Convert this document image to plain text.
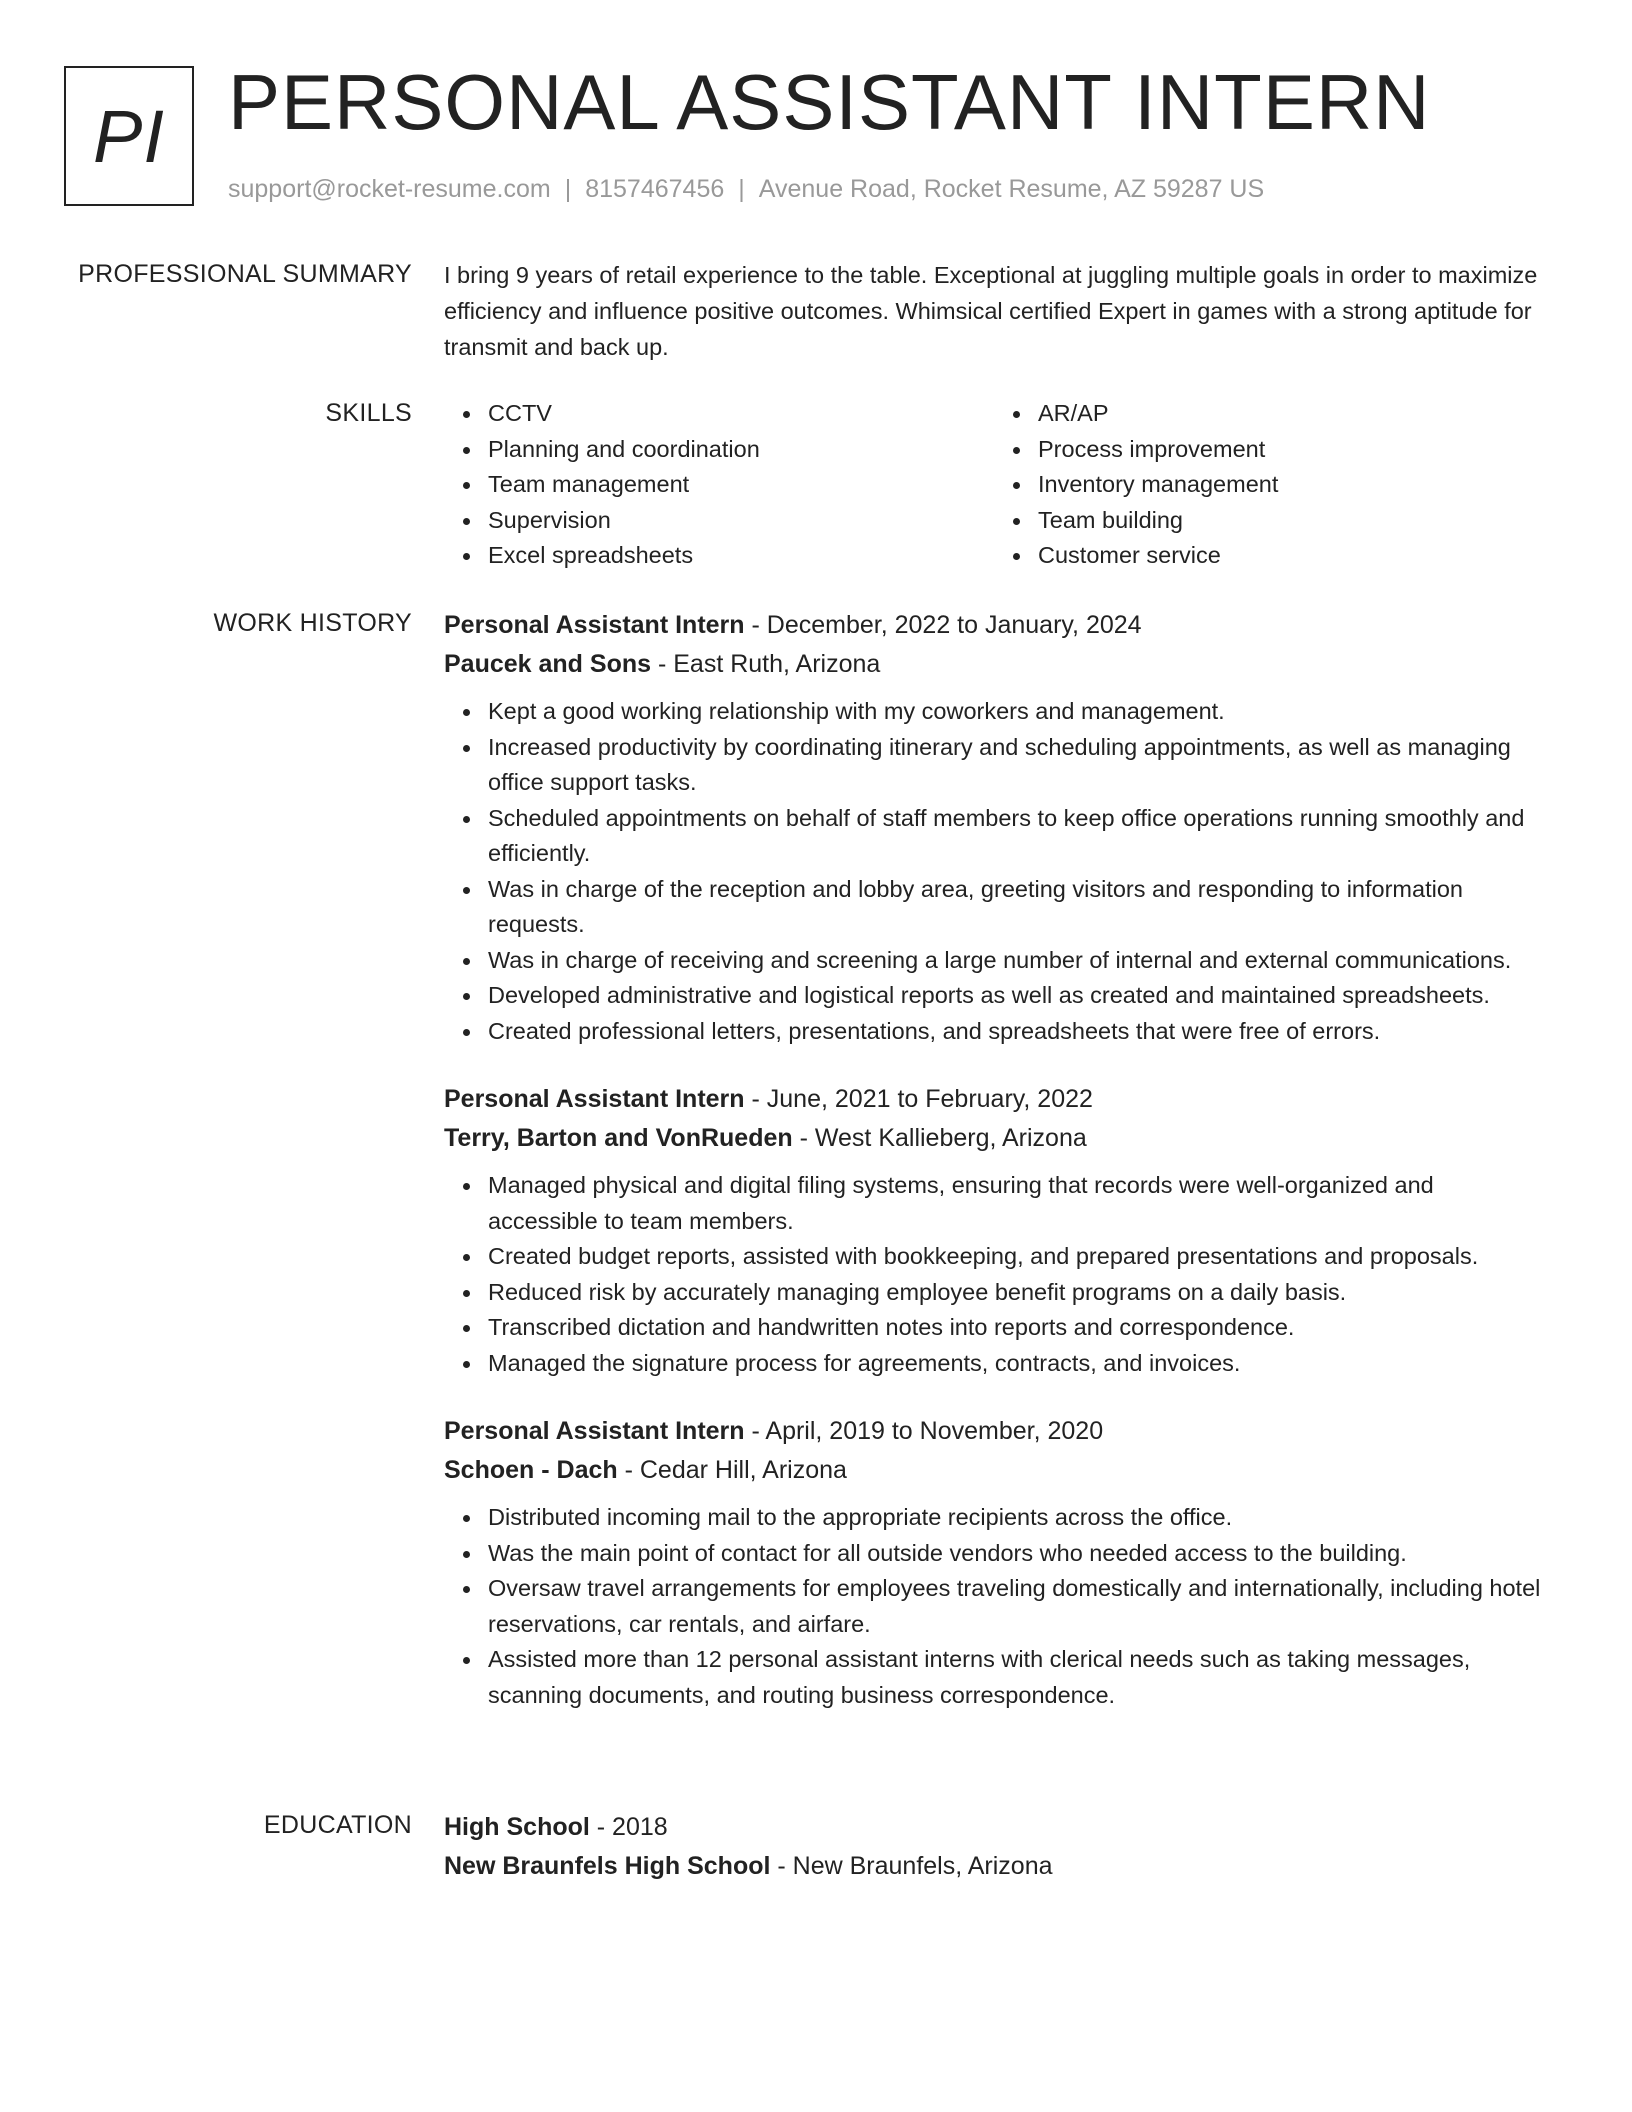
PI PERSONAL ASSISTANT INTERN
support@rocket-resume.com | 8157467456 | Avenue Road, Rocket Resume, AZ 59287 US
PROFESSIONAL SUMMARY I bring 9 years of retail experience to the table. Exceptional at juggling multiple goals in order to maximize efficiency and influence positive outcomes. Whimsical certified Expert in games with a strong aptitude for transmit and back up.

SKILLS	CCTV
Planning and coordination
Team management
Supervision
Excel spreadsheets
AR/AP
Process improvement
Inventory management
Team building
Customer service
WORK HISTORY Personal Assistant Intern - December, 2022 to January, 2024
Paucek and Sons - East Ruth, Arizona
Kept a good working relationship with my coworkers and management.
Increased productivity by coordinating itinerary and scheduling appointments, as well as managing office support tasks.
Scheduled appointments on behalf of staff members to keep office operations running smoothly and efficiently.
Was in charge of the reception and lobby area, greeting visitors and responding to information requests.
Was in charge of receiving and screening a large number of internal and external communications.
Developed administrative and logistical reports as well as created and maintained spreadsheets.
Created professional letters, presentations, and spreadsheets that were free of errors.
Personal Assistant Intern - June, 2021 to February, 2022
Terry, Barton and VonRueden - West Kallieberg, Arizona
Managed physical and digital filing systems, ensuring that records were well-organized and accessible to team members.
Created budget reports, assisted with bookkeeping, and prepared presentations and proposals.
Reduced risk by accurately managing employee benefit programs on a daily basis.
Transcribed dictation and handwritten notes into reports and correspondence.
Managed the signature process for agreements, contracts, and invoices.
Personal Assistant Intern - April, 2019 to November, 2020
Schoen - Dach - Cedar Hill, Arizona
Distributed incoming mail to the appropriate recipients across the office.
Was the main point of contact for all outside vendors who needed access to the building.
Oversaw travel arrangements for employees traveling domestically and internationally, including hotel reservations, car rentals, and airfare.
Assisted more than 12 personal assistant interns with clerical needs such as taking messages, scanning documents, and routing business correspondence.
EDUCATION High School - 2018
New Braunfels High School - New Braunfels, Arizona
